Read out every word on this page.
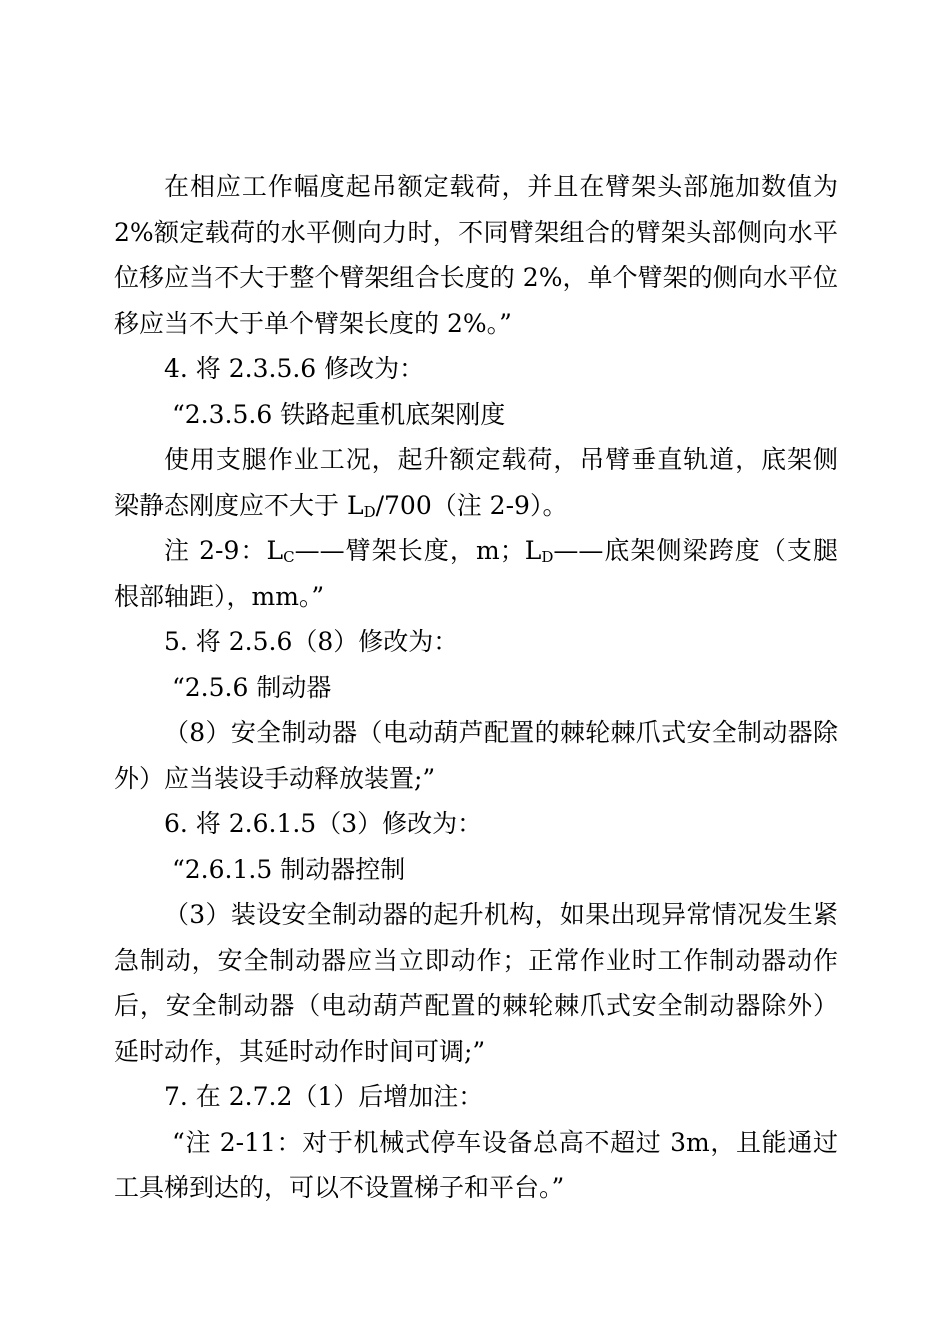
在相应工作幅度起吊额定载荷，并且在臂架头部施加数值为2%额定载荷的水平侧向力时，不同臂架组合的臂架头部侧向水平位移应当不大于整个臂架组合长度的 2%，单个臂架的侧向水平位移应当不大于单个臂架长度的 2%。”

4. 将 2.3.5.6 修改为：

“2.3.5.6 铁路起重机底架刚度

使用支腿作业工况，起升额定载荷，吊臂垂直轨道，底架侧梁静态刚度应不大于 $L_D/700$（注 2-9）。

注 2-9：$L_C——$臂架长度，m；$L_D——$底架侧梁跨度（支腿根部轴距），mm。”

5. 将 2.5.6（8）修改为：

“2.5.6 制动器

（8）安全制动器（电动葫芦配置的棘轮棘爪式安全制动器除外）应当装设手动释放装置;”

6. 将 2.6.1.5（3）修改为：

“2.6.1.5 制动器控制

（3）装设安全制动器的起升机构，如果出现异常情况发生紧急制动，安全制动器应当立即动作；正常作业时工作制动器动作后，安全制动器（电动葫芦配置的棘轮棘爪式安全制动器除外）延时动作，其延时动作时间可调;”

7. 在 2.7.2（1）后增加注：

“注 2-11：对于机械式停车设备总高不超过 3m，且能通过工具梯到达的，可以不设置梯子和平台。”
